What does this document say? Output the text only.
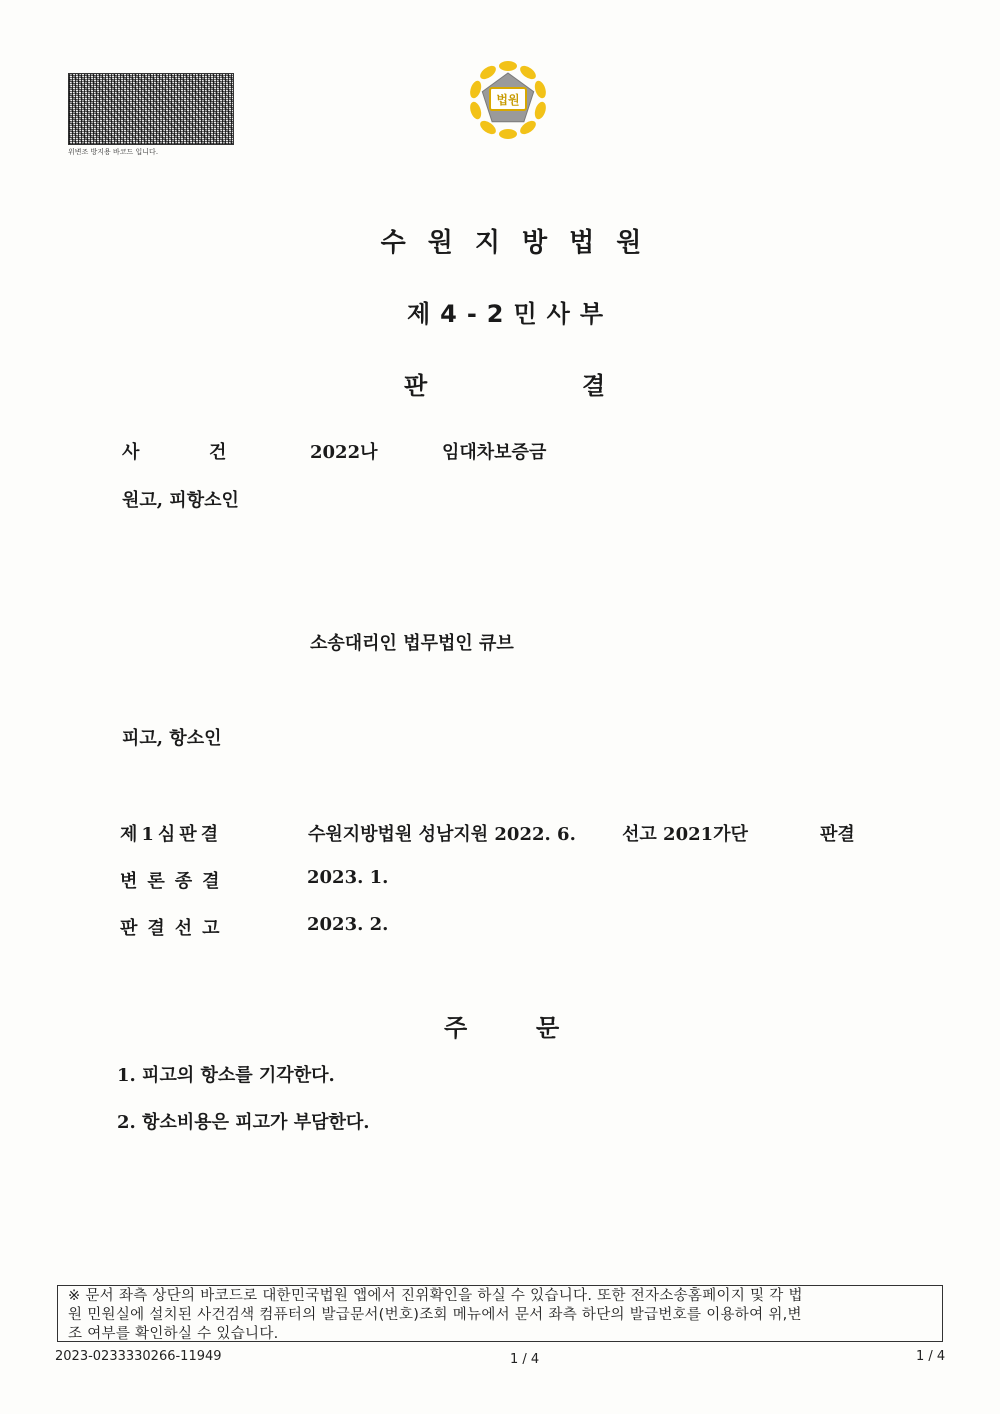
위변조 방지용 바코드 입니다.
법원
수원지방법원
제4-2민사부
판	결
사	건	2022나	임대차보증금
원고, 피항소인
소송대리인 법무법인 큐브
피고, 항소인
제1심판결	수원지방법원 성남지원 2022. 6.	선고 2021가단	판결
변론종결	2023. 1.
판결선고	2023. 2.
주	문
1. 피고의 항소를 기각한다.
2. 항소비용은 피고가 부담한다.
※ 문서 좌측 상단의 바코드로 대한민국법원 앱에서 진위확인을 하실 수 있습니다. 또한 전자소송홈페이지 및 각 법
원 민원실에 설치된 사건검색 컴퓨터의 발급문서(번호)조회 메뉴에서 문서 좌측 하단의 발급번호를 이용하여 위,변
조 여부를 확인하실 수 있습니다.
2023-0233330266-11949	1 / 4	1 / 4
